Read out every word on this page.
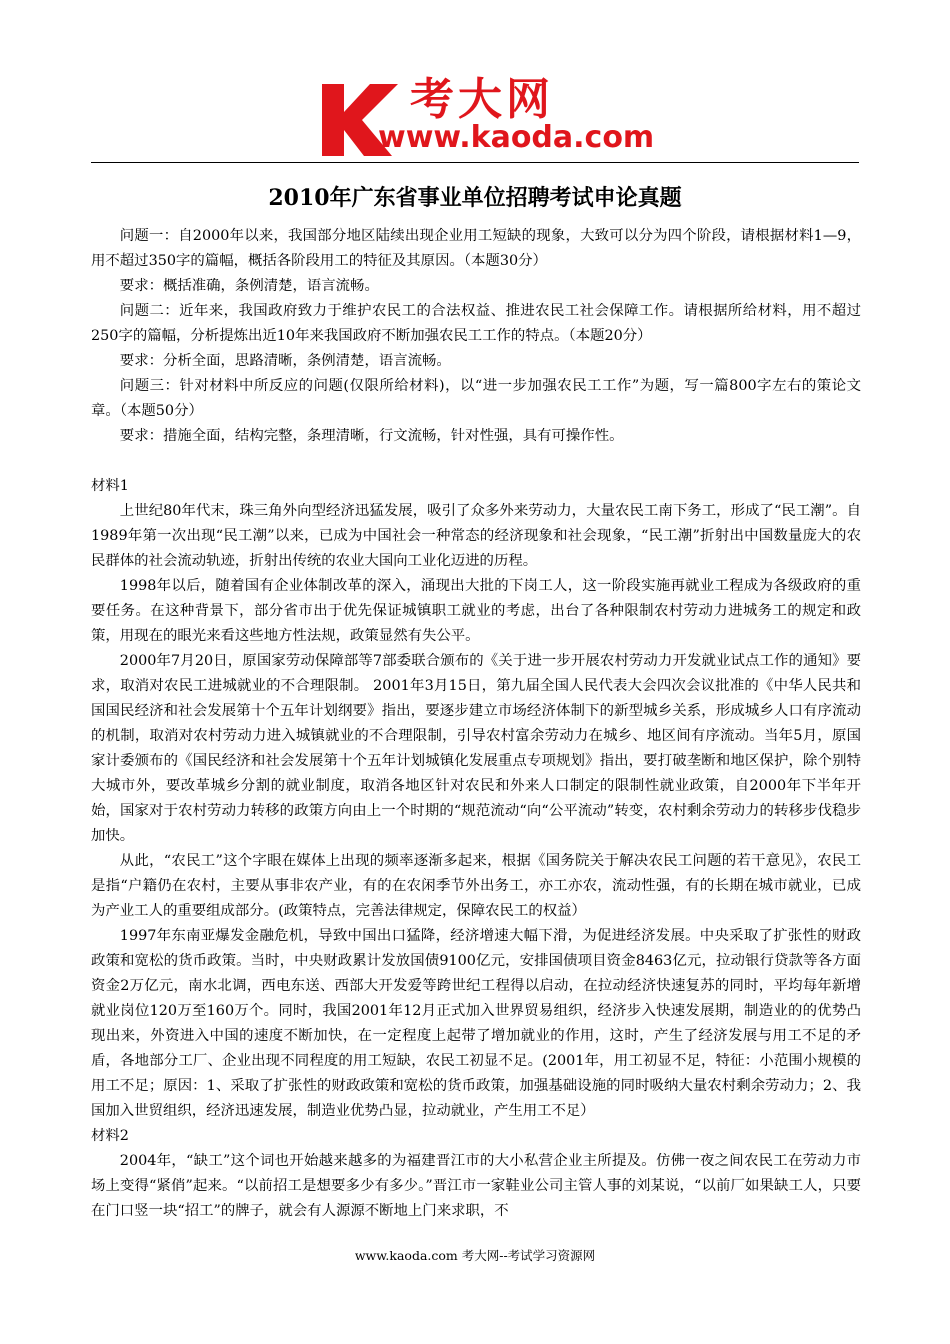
考大网
www.kaoda.com
2010年广东省事业单位招聘考试申论真题

问题一：自2000年以来，我国部分地区陆续出现企业用工短缺的现象，大致可以分为四个阶段，请根据材料1—9，用不超过350字的篇幅，概括各阶段用工的特征及其原因。（本题30分）

要求：概括准确，条例清楚，语言流畅。

问题二：近年来，我国政府致力于维护农民工的合法权益、推进农民工社会保障工作。请根据所给材料，用不超过250字的篇幅，分析提炼出近10年来我国政府不断加强农民工工作的特点。（本题20分）

要求：分析全面，思路清晰，条例清楚，语言流畅。

问题三：针对材料中所反应的问题(仅限所给材料)，以“进一步加强农民工工作”为题，写一篇800字左右的策论文章。（本题50分）

要求：措施全面，结构完整，条理清晰，行文流畅，针对性强，具有可操作性。

材料1

上世纪80年代末，珠三角外向型经济迅猛发展，吸引了众多外来劳动力，大量农民工南下务工，形成了“民工潮”。自1989年第一次出现“民工潮”以来，已成为中国社会一种常态的经济现象和社会现象，“民工潮”折射出中国数量庞大的农民群体的社会流动轨迹，折射出传统的农业大国向工业化迈进的历程。

1998年以后，随着国有企业体制改革的深入，涌现出大批的下岗工人，这一阶段实施再就业工程成为各级政府的重要任务。在这种背景下，部分省市出于优先保证城镇职工就业的考虑，出台了各种限制农村劳动力进城务工的规定和政策，用现在的眼光来看这些地方性法规，政策显然有失公平。

2000年7月20日，原国家劳动保障部等7部委联合颁布的《关于进一步开展农村劳动力开发就业试点工作的通知》要求，取消对农民工进城就业的不合理限制。 2001年3月15日，第九届全国人民代表大会四次会议批准的《中华人民共和国国民经济和社会发展第十个五年计划纲要》指出，要逐步建立市场经济体制下的新型城乡关系，形成城乡人口有序流动的机制，取消对农村劳动力进入城镇就业的不合理限制，引导农村富余劳动力在城乡、地区间有序流动。当年5月，原国家计委颁布的《国民经济和社会发展第十个五年计划城镇化发展重点专项规划》指出，要打破垄断和地区保护，除个别特大城市外，要改革城乡分割的就业制度，取消各地区针对农民和外来人口制定的限制性就业政策，自2000年下半年开始，国家对于农村劳动力转移的政策方向由上一个时期的“规范流动“向“公平流动”转变，农村剩余劳动力的转移步伐稳步加快。

从此，“农民工”这个字眼在媒体上出现的频率逐渐多起来，根据《国务院关于解决农民工问题的若干意见》，农民工是指“户籍仍在农村，主要从事非农产业，有的在农闲季节外出务工，亦工亦农，流动性强，有的长期在城市就业，已成为产业工人的重要组成部分。(政策特点，完善法律规定，保障农民工的权益）

1997年东南亚爆发金融危机，导致中国出口猛降，经济增速大幅下滑，为促进经济发展。中央采取了扩张性的财政政策和宽松的货币政策。当时，中央财政累计发放国债9100亿元，安排国债项目资金8463亿元，拉动银行贷款等各方面资金2万亿元，南水北调，西电东送、西部大开发爱等跨世纪工程得以启动，在拉动经济快速复苏的同时，平均每年新增就业岗位120万至160万个。同时，我国2001年12月正式加入世界贸易组织，经济步入快速发展期，制造业的的优势凸现出来，外资进入中国的速度不断加快，在一定程度上起带了增加就业的作用，这时，产生了经济发展与用工不足的矛盾，各地部分工厂、企业出现不同程度的用工短缺，农民工初显不足。(2001年，用工初显不足，特征：小范围小规模的用工不足；原因：1、采取了扩张性的财政政策和宽松的货币政策，加强基础设施的同时吸纳大量农村剩余劳动力；2、我国加入世贸组织，经济迅速发展，制造业优势凸显，拉动就业，产生用工不足）

材料2

2004年，“缺工”这个词也开始越来越多的为福建晋江市的大小私营企业主所提及。仿佛一夜之间农民工在劳动力市场上变得“紧俏”起来。“以前招工是想要多少有多少。”晋江市一家鞋业公司主管人事的刘某说，“以前厂如果缺工人，只要在门口竖一块“招工”的牌子，就会有人源源不断地上门来求职，不

www.kaoda.com 考大网--考试学习资源网
